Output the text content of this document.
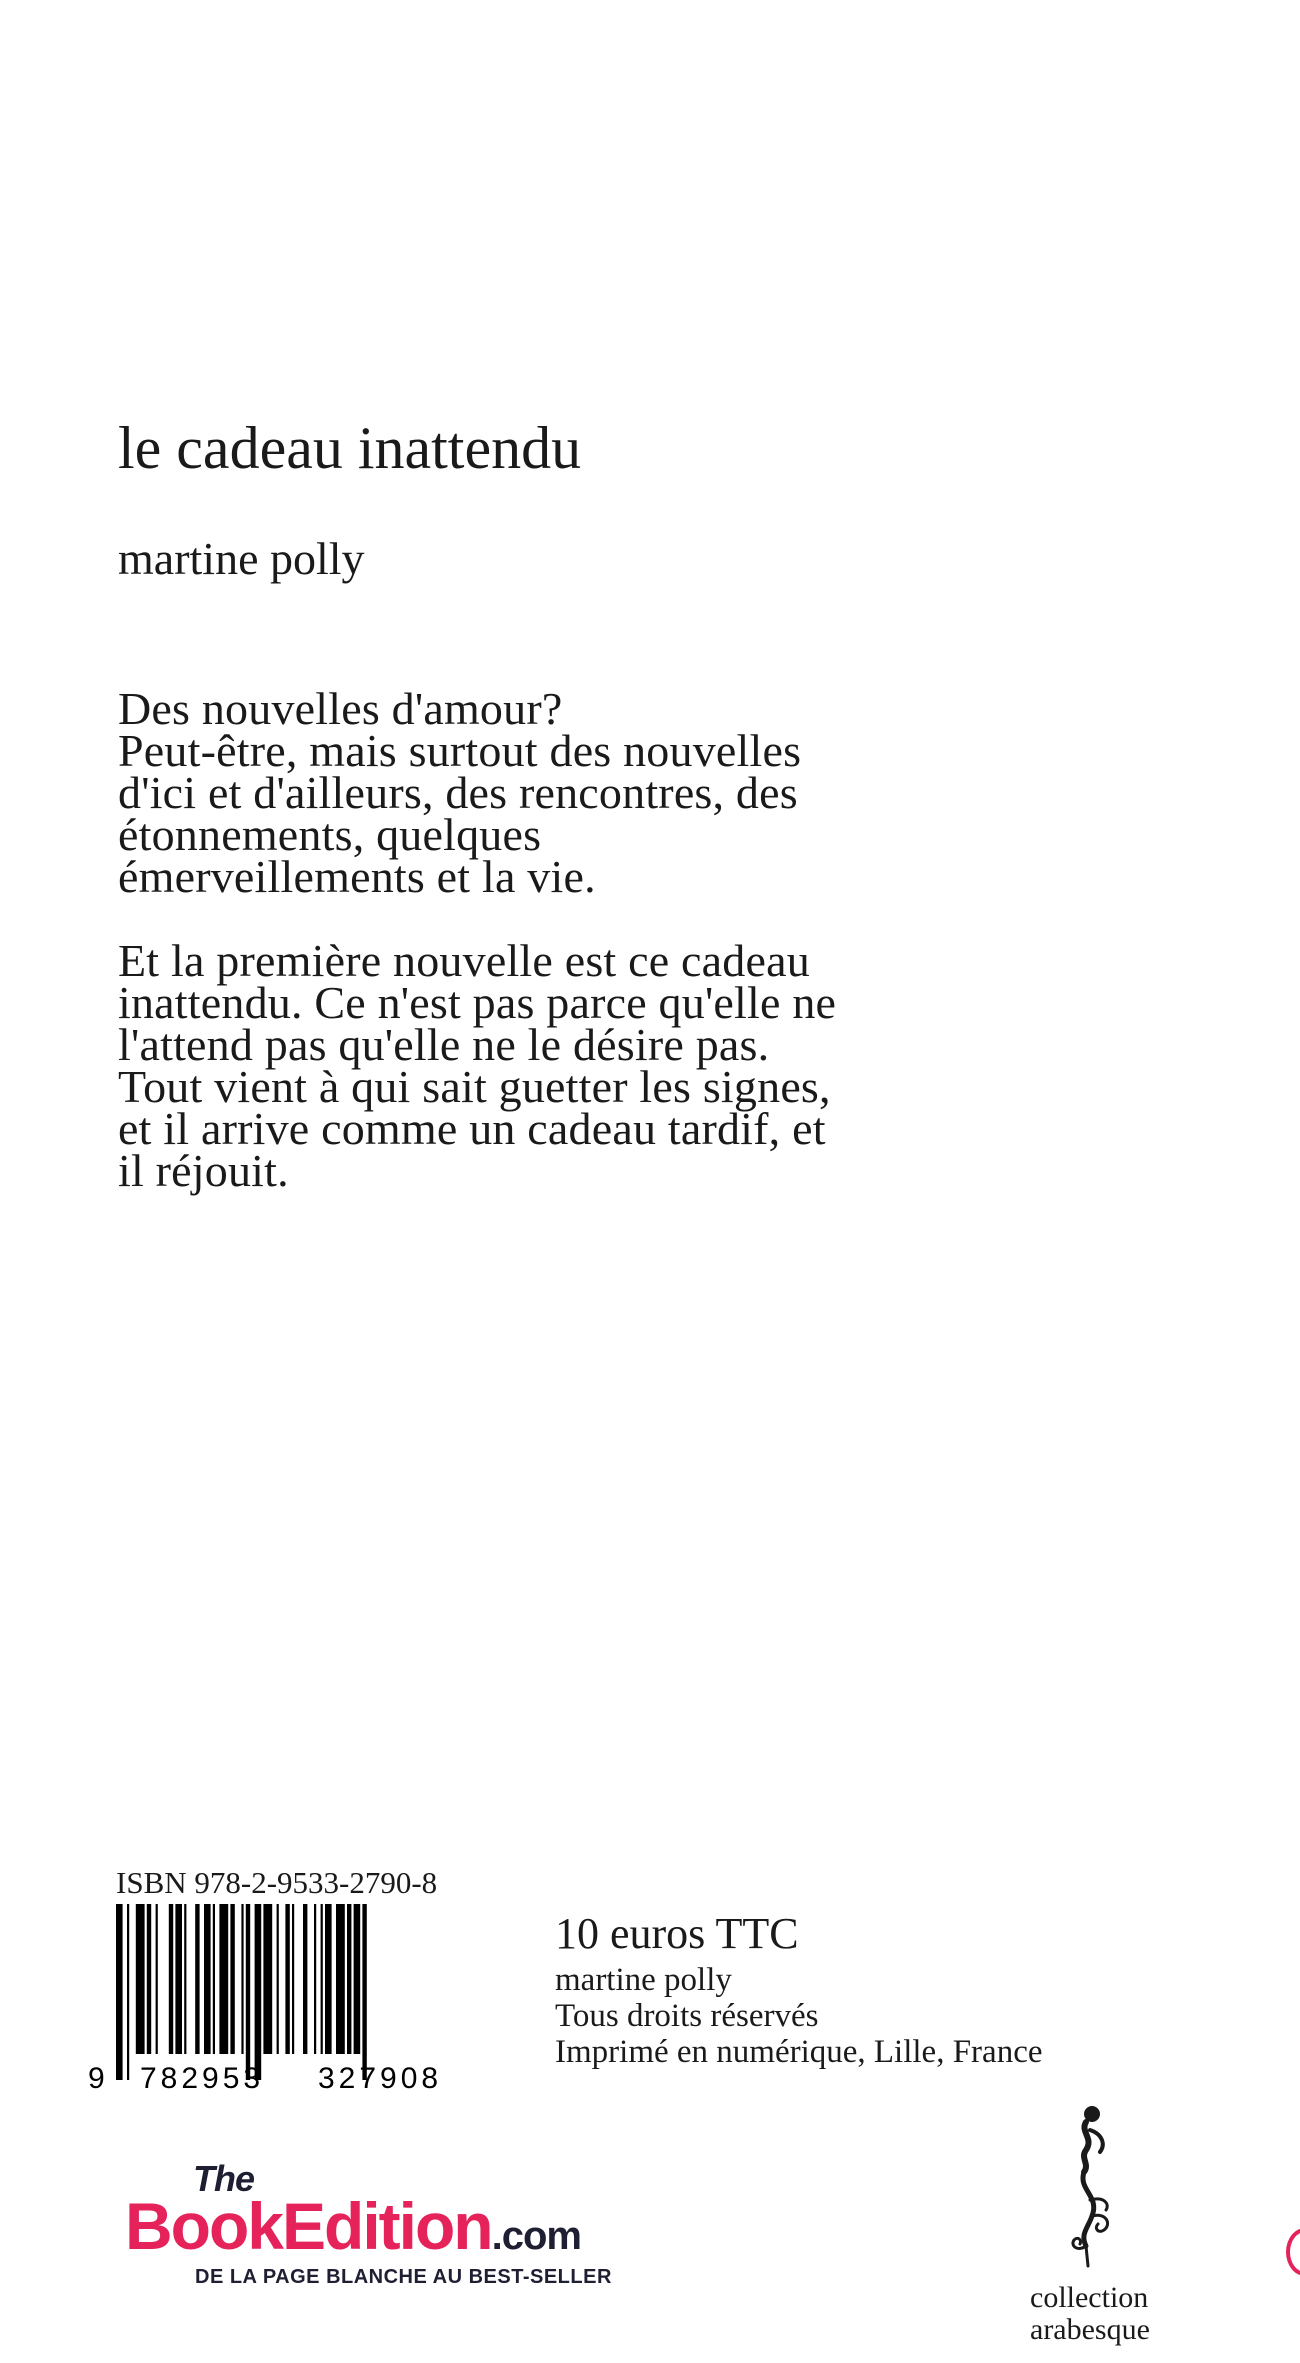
le cadeau inattendu
martine polly

Des nouvelles d'amour?
Peut-être, mais surtout des nouvelles
d'ici et d'ailleurs, des rencontres, des
étonnements, quelques
émerveillements et la vie.

Et la première nouvelle est ce cadeau
inattendu. Ce n'est pas parce qu'elle ne
l'attend pas qu'elle ne le désire pas.
Tout vient à qui sait guetter les signes,
et il arrive comme un cadeau tardif, et
il réjouit.

ISBN 978-2-9533-2790-8
9 782953 327908
10 euros TTC
martine polly
Tous droits réservés
Imprimé en numérique, Lille, France
The
BookEdition.com
DE LA PAGE BLANCHE AU BEST-SELLER
collection
arabesque
